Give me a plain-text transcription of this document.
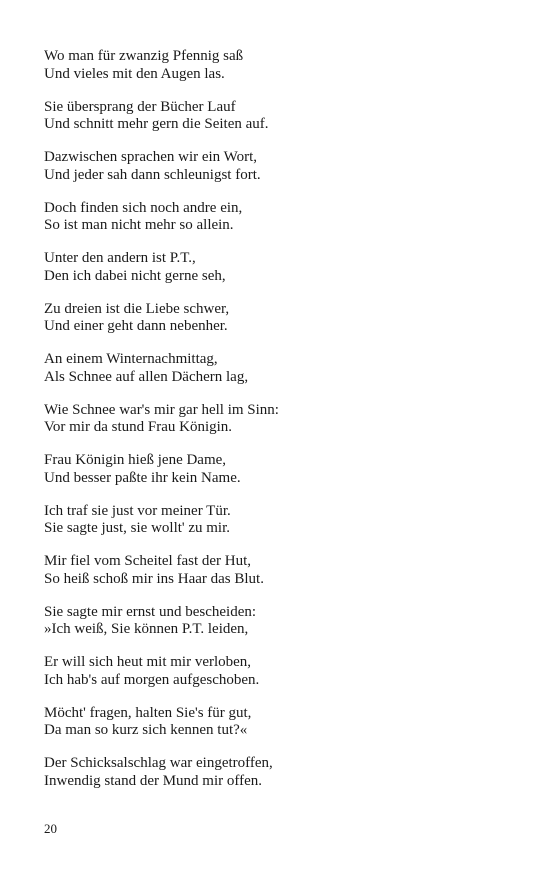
Wo man für zwanzig Pfennig saß
Und vieles mit den Augen las.
Sie übersprang der Bücher Lauf
Und schnitt mehr gern die Seiten auf.
Dazwischen sprachen wir ein Wort,
Und jeder sah dann schleunigst fort.
Doch finden sich noch andre ein,
So ist man nicht mehr so allein.
Unter den andern ist P.T.,
Den ich dabei nicht gerne seh,
Zu dreien ist die Liebe schwer,
Und einer geht dann nebenher.
An einem Winternachmittag,
Als Schnee auf allen Dächern lag,
Wie Schnee war's mir gar hell im Sinn:
Vor mir da stund Frau Königin.
Frau Königin hieß jene Dame,
Und besser paßte ihr kein Name.
Ich traf sie just vor meiner Tür.
Sie sagte just, sie wollt' zu mir.
Mir fiel vom Scheitel fast der Hut,
So heiß schoß mir ins Haar das Blut.
Sie sagte mir ernst und bescheiden:
»Ich weiß, Sie können P.T. leiden,
Er will sich heut mit mir verloben,
Ich hab's auf morgen aufgeschoben.
Möcht' fragen, halten Sie's für gut,
Da man so kurz sich kennen tut?«
Der Schicksalschlag war eingetroffen,
Inwendig stand der Mund mir offen.
20
